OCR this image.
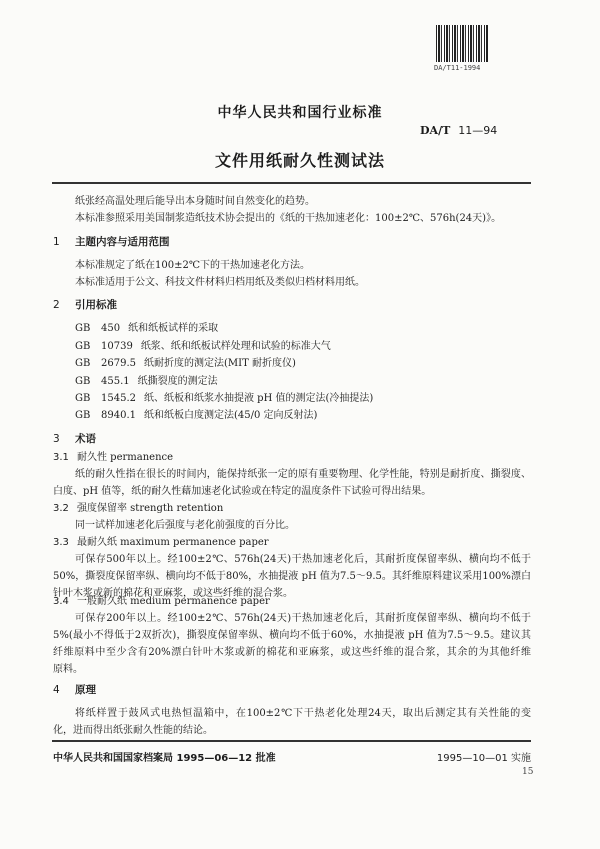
DA/T11-1994
中华人民共和国行业标准
DA/T 11—94
文件用纸耐久性测试法
纸张经高温处理后能导出本身随时间自然变化的趋势。
本标准参照采用美国制浆造纸技术协会提出的《纸的干热加速老化：100±2℃、576h(24天)》。
1 主题内容与适用范围
本标准规定了纸在100±2℃下的干热加速老化方法。
本标准适用于公文、科技文件材料归档用纸及类似归档材料用纸。
2 引用标准
GB 450 纸和纸板试样的采取
GB 10739 纸浆、纸和纸板试样处理和试验的标准大气
GB 2679.5 纸耐折度的测定法(MIT 耐折度仪)
GB 455.1 纸撕裂度的测定法
GB 1545.2 纸、纸板和纸浆水抽提液 pH 值的测定法(冷抽提法)
GB 8940.1 纸和纸板白度测定法(45/0 定向反射法)
3 术语
3.1 耐久性 permanence
纸的耐久性指在很长的时间内，能保持纸张一定的原有重要物理、化学性能，特别是耐折度、撕裂度、
白度、pH 值等，纸的耐久性藉加速老化试验或在特定的温度条件下试验可得出结果。
3.2 强度保留率 strength retention
同一试样加速老化后强度与老化前强度的百分比。
3.3 最耐久纸 maximum permanence paper
可保存500年以上。经100±2℃、576h(24天)干热加速老化后，其耐折度保留率纵、横向均不低于
50%，撕裂度保留率纵、横向均不低于80%，水抽提液 pH 值为7.5～9.5。其纤维原料建议采用100%漂白
针叶木浆或新的棉花和亚麻浆，或这些纤维的混合浆。
3.4 一般耐久纸 medium permanence paper
可保存200年以上。经100±2℃、576h(24天)干热加速老化后，其耐折度保留率纵、横向均不低于
5%(最小不得低于2双折次)，撕裂度保留率纵、横向均不低于60%，水抽提液 pH 值为7.5～9.5。建议其
纤维原料中至少含有20%漂白针叶木浆或新的棉花和亚麻浆，或这些纤维的混合浆，其余的为其他纤维
原料。
4 原理
将纸样置于鼓风式电热恒温箱中，在100±2℃下干热老化处理24天，取出后测定其有关性能的变
化，进而得出纸张耐久性能的结论。
中华人民共和国国家档案局 1995—06—12 批准	1995—10—01 实施
15
